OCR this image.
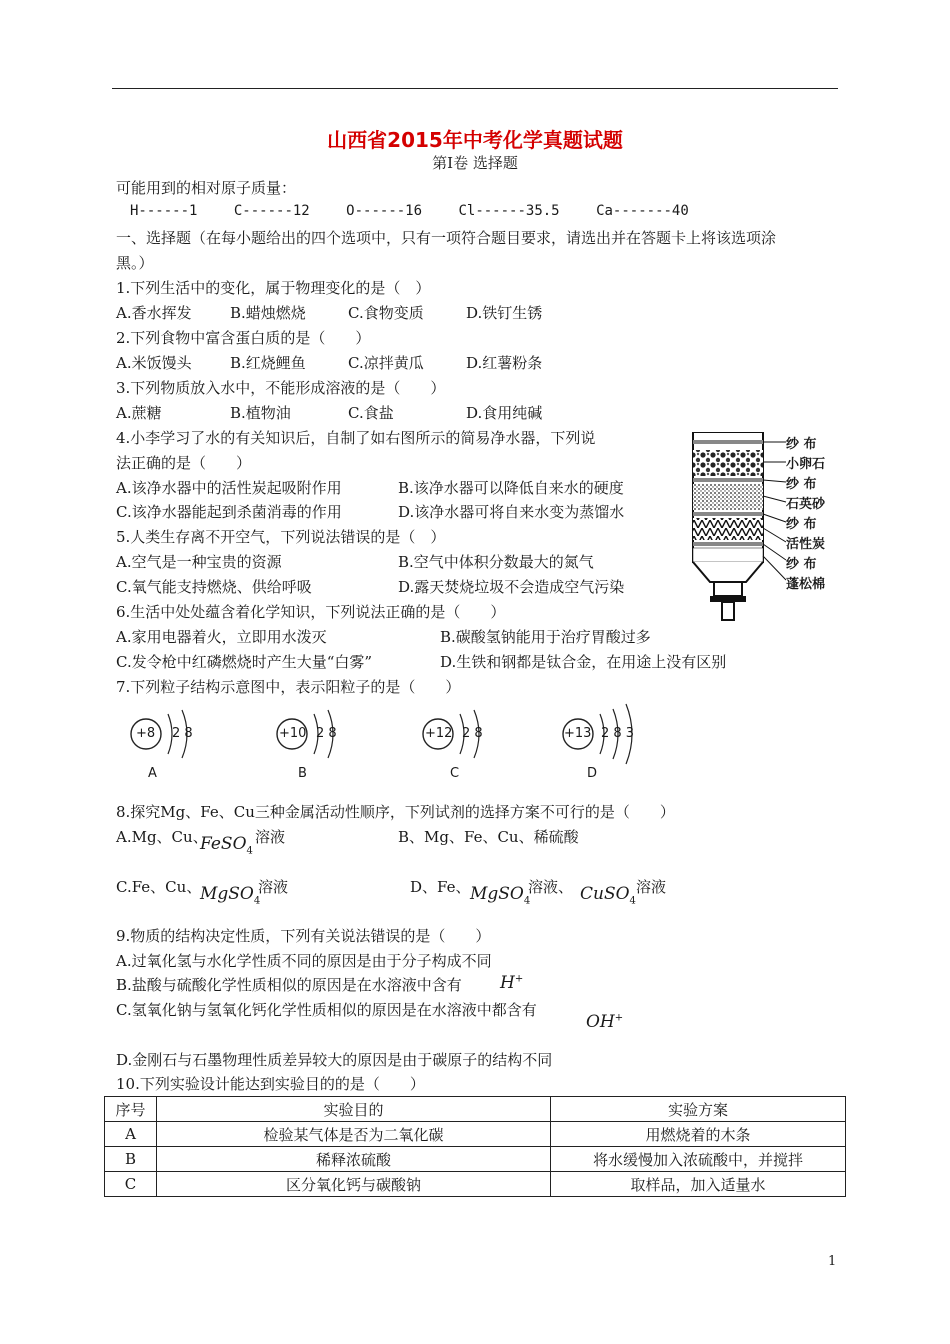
山西省2015年中考化学真题试题
第Ⅰ卷 选择题
可能用到的相对原子质量：
H------1	C------12	O------16	Cl------35.5	Ca-------40
一、选择题（在每小题给出的四个选项中，只有一项符合题目要求，请选出并在答题卡上将该选项涂
黑。）
1.下列生活中的变化，属于物理变化的是（　）
A.香水挥发	B.蜡烛燃烧	C.食物变质	D.铁钉生锈
2.下列食物中富含蛋白质的是（　　）
A.米饭馒头	B.红烧鲤鱼	C.凉拌黄瓜	D.红薯粉条
3.下列物质放入水中，不能形成溶液的是（　　）
A.蔗糖	B.植物油	C.食盐	D.食用纯碱
4.小李学习了水的有关知识后，自制了如右图所示的简易净水器，下列说
法正确的是（　　）
A.该净水器中的活性炭起吸附作用	B.该净水器可以降低自来水的硬度
C.该净水器能起到杀菌消毒的作用	D.该净水器可将自来水变为蒸馏水
纱 布
小卵石
纱 布
石英砂
纱 布
活性炭
纱 布
蓬松棉
5.人类生存离不开空气，下列说法错误的是（　）
A.空气是一种宝贵的资源	B.空气中体积分数最大的氮气
C.氧气能支持燃烧、供给呼吸	D.露天焚烧垃圾不会造成空气污染
6.生活中处处蕴含着化学知识，下列说法正确的是（　　）
A.家用电器着火，立即用水泼灭	B.碳酸氢钠能用于治疗胃酸过多
C.发令枪中红磷燃烧时产生大量“白雾”	D.生铁和钢都是钛合金，在用途上没有区别
7.下列粒子结构示意图中，表示阳粒子的是（　　）
+8 2 8
A
+10 2 8
B
+12 2 8
C
+13 2 8 3
D
8.探究Mg、Fe、Cu三种金属活动性顺序，下列试剂的选择方案不可行的是（　　）
A.Mg、Cu、
FeSO$_4$
溶液	B、Mg、Fe、Cu、稀硫酸
C.Fe、Cu、
MgSO$_4$
溶液	D、Fe、 MgSO$_4$
溶液、 CuSO$_4$
溶液
9.物质的结构决定性质，下列有关说法错误的是（　　）
A.过氧化氢与水化学性质不同的原因是由于分子构成不同
B.盐酸与硫酸化学性质相似的原因是在水溶液中含有 H+
C.氢氧化钠与氢氧化钙化学性质相似的原因是在水溶液中都含有
OH+
D.金刚石与石墨物理性质差异较大的原因是由于碳原子的结构不同
10.下列实验设计能达到实验目的的是（　　）
序号	实验目的	实验方案
A	检验某气体是否为二氧化碳	用燃烧着的木条
B	稀释浓硫酸	将水缓慢加入浓硫酸中，并搅拌
C	区分氧化钙与碳酸钠	取样品，加入适量水
1
